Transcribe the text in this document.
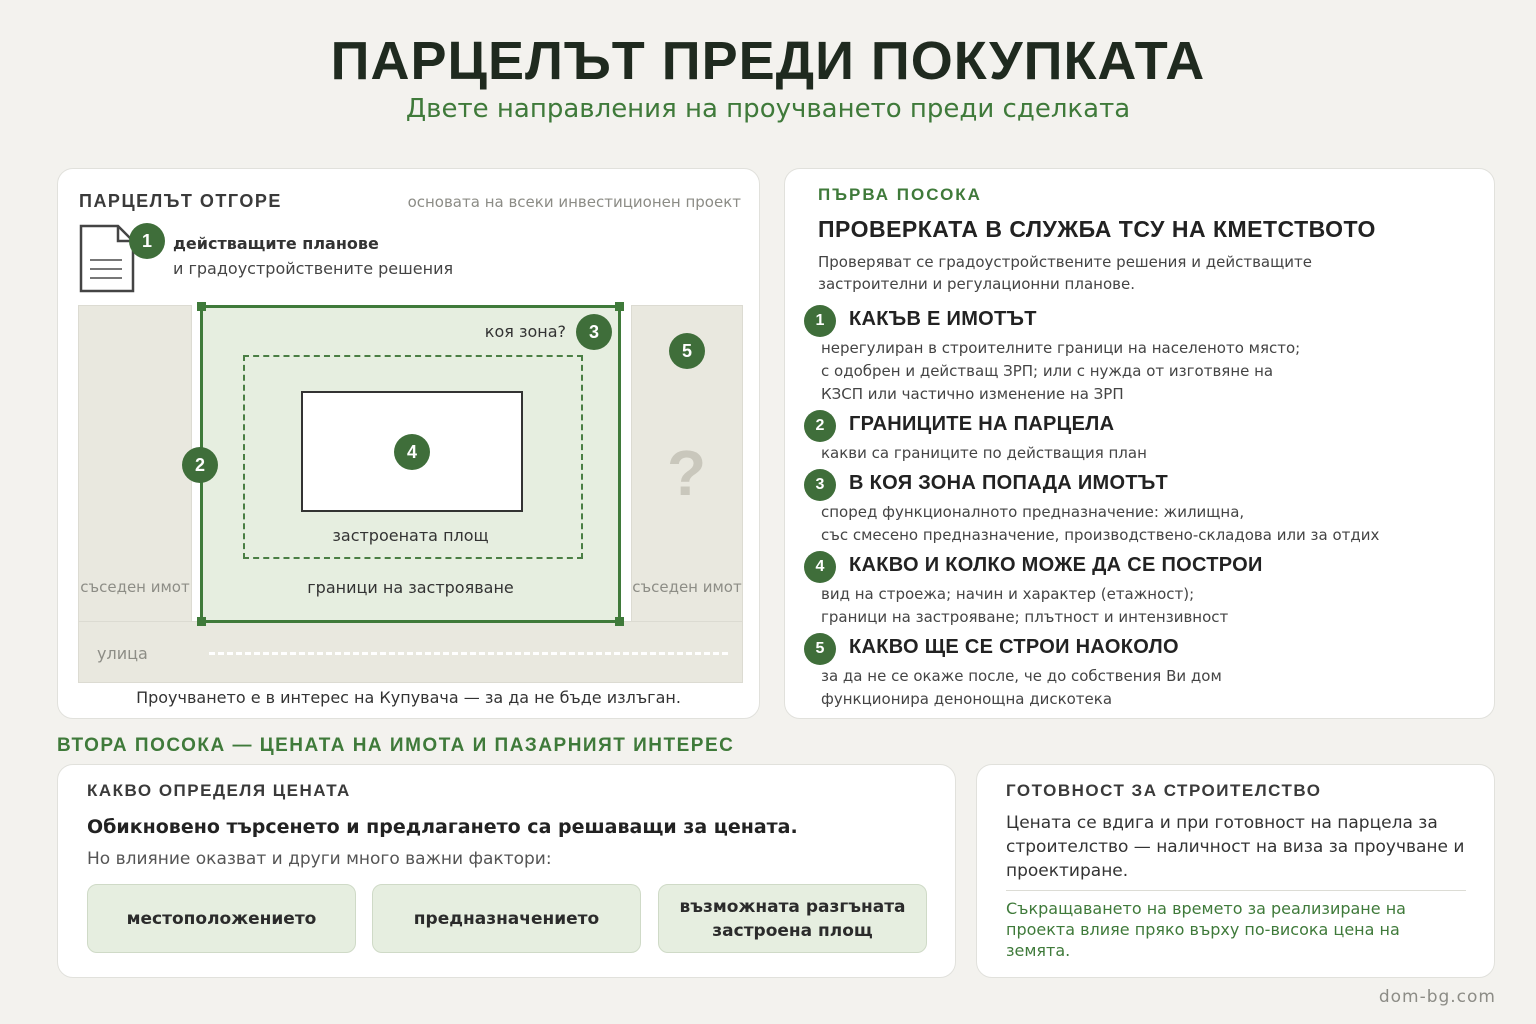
ПАРЦЕЛЪТ ПРЕДИ ПОКУПКАТА
Двете направления на проучването преди сделката
ПАРЦЕЛЪТ ОТГОРЕ	основата на всеки инвестиционен проект
1	действащите планове
и градоустройствените решения
съседен имот
?
5
съседен имот
улица
коя зона?	3
2
4
застроената площ
граници на застрояване
Проучването е в интерес на Купувача — за да не бъде излъган.
ПЪРВА ПОСОКА
ПРОВЕРКАТА В СЛУЖБА ТСУ НА КМЕТСТВОТО
Проверяват се градоустройствените решения и действащите
застроителни и регулационни планове.
1	КАКЪВ Е ИМОТЪТ
нерегулиран в строителните граници на населеното място;
с одобрен и действащ ЗРП; или с нужда от изготвяне на
КЗСП или частично изменение на ЗРП
2	ГРАНИЦИТЕ НА ПАРЦЕЛА
какви са границите по действащия план
3	В КОЯ ЗОНА ПОПАДА ИМОТЪТ
според функционалното предназначение: жилищна,
със смесено предназначение, производствено-складова или за отдих
4	КАКВО И КОЛКО МОЖЕ ДА СЕ ПОСТРОИ
вид на строежа; начин и характер (етажност);
граници на застрояване; плътност и интензивност
5	КАКВО ЩЕ СЕ СТРОИ НАОКОЛО
за да не се окаже после, че до собствения Ви дом
функционира денонощна дискотека
ВТОРА ПОСОКА — ЦЕНАТА НА ИМОТА И ПАЗАРНИЯТ ИНТЕРЕС
КАКВО ОПРЕДЕЛЯ ЦЕНАТА
Обикновено търсенето и предлагането са решаващи за цената.
Но влияние оказват и други много важни фактори:
местоположението	предназначението
възможната разгъната застроена площ
ГОТОВНОСТ ЗА СТРОИТЕЛСТВО
Цената се вдига и при готовност на парцела за строителство — наличност на виза за проучване и проектиране.
Съкращаването на времето за реализиране на проекта влияе пряко върху по-висока цена на земята.
dom-bg.com
